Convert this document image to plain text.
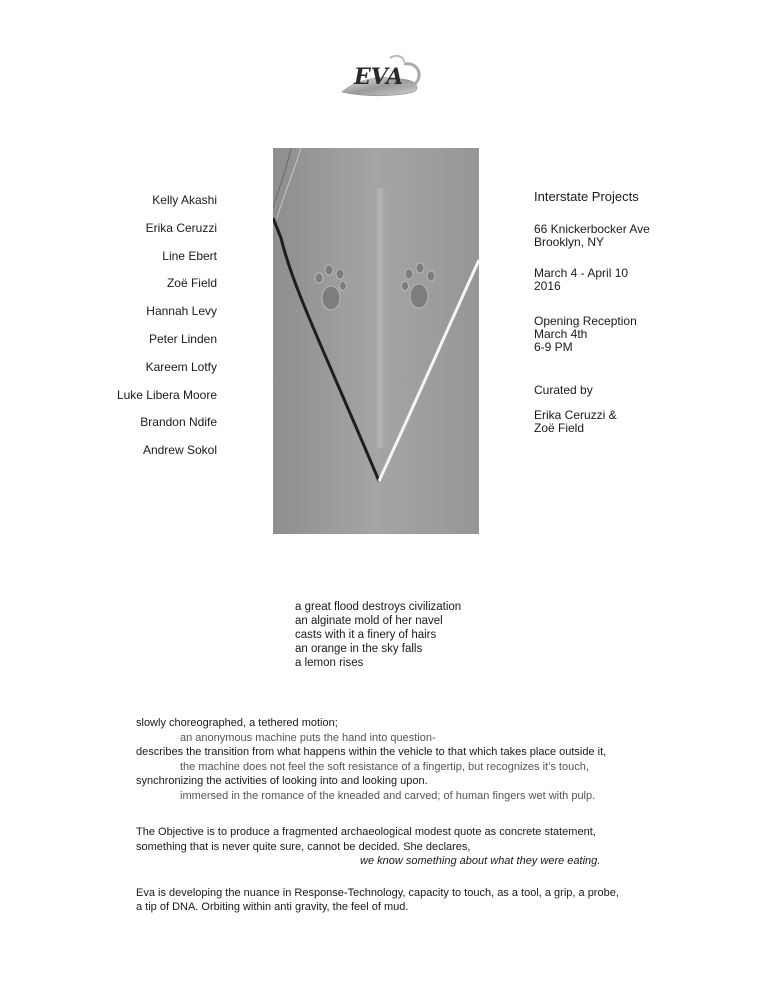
EVA
Kelly Akashi
Erika Ceruzzi
Line Ebert
Zoë Field
Hannah Levy
Peter Linden
Kareem Lotfy
Luke Libera Moore
Brandon Ndife
Andrew Sokol
Interstate Projects
66 Knickerbocker Ave
Brooklyn, NY
March 4 - April 10
2016
Opening Reception
March 4th
6-9 PM
Curated by
Erika Ceruzzi &
Zoë Field
a great flood destroys civilization
an alginate mold of her navel
casts with it a finery of hairs
an orange in the sky falls
a lemon rises

slowly choreographed, a tethered motion;

an anonymous machine puts the hand into question-

describes the transition from what happens within the vehicle to that which takes place outside it,

the machine does not feel the soft resistance of a fingertip, but recognizes it’s touch,

synchronizing the activities of looking into and looking upon.

immersed in the romance of the kneaded and carved; of human fingers wet with pulp.

The Objective is to produce a fragmented archaeological modest quote as concrete statement,

something that is never quite sure, cannot be decided. She declares,

we know something about what they were eating.

Eva is developing the nuance in Response-Technology, capacity to touch, as a tool, a grip, a probe,

a tip of DNA. Orbiting within anti gravity, the feel of mud.
